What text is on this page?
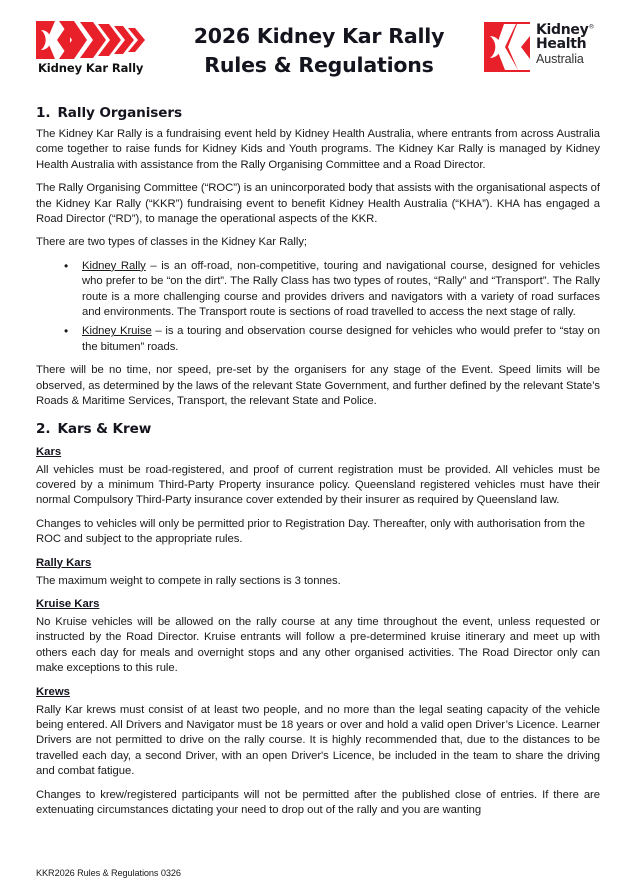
Kidney Kar Rally
2026 Kidney Kar Rally
Rules & Regulations
Kidney®
Health
Australia
1. Rally Organisers

The Kidney Kar Rally is a fundraising event held by Kidney Health Australia, where entrants from across Australia come together to raise funds for Kidney Kids and Youth programs. The Kidney Kar Rally is managed by Kidney Health Australia with assistance from the Rally Organising Committee and a Road Director.

The Rally Organising Committee (“ROC”) is an unincorporated body that assists with the organisational aspects of the Kidney Kar Rally (“KKR”) fundraising event to benefit Kidney Health Australia (“KHA”). KHA has engaged a Road Director (“RD”), to manage the operational aspects of the KKR.

There are two types of classes in the Kidney Kar Rally;

• Kidney Rally – is an off-road, non-competitive, touring and navigational course, designed for vehicles who prefer to be “on the dirt”. The Rally Class has two types of routes, “Rally” and “Transport”. The Rally route is a more challenging course and provides drivers and navigators with a variety of road surfaces and environments. The Transport route is sections of road travelled to access the next stage of rally.
• Kidney Kruise – is a touring and observation course designed for vehicles who would prefer to “stay on the bitumen” roads.

There will be no time, nor speed, pre-set by the organisers for any stage of the Event. Speed limits will be observed, as determined by the laws of the relevant State Government, and further defined by the relevant State’s Roads & Maritime Services, Transport, the relevant State and Police.

2. Kars & Krew
Kars

All vehicles must be road-registered, and proof of current registration must be provided. All vehicles must be covered by a minimum Third-Party Property insurance policy. Queensland registered vehicles must have their normal Compulsory Third-Party insurance cover extended by their insurer as required by Queensland law.

Changes to vehicles will only be permitted prior to Registration Day. Thereafter, only with authorisation from the ROC and subject to the appropriate rules.

Rally Kars

The maximum weight to compete in rally sections is 3 tonnes.

Kruise Kars

No Kruise vehicles will be allowed on the rally course at any time throughout the event, unless requested or instructed by the Road Director. Kruise entrants will follow a pre-determined kruise itinerary and meet up with others each day for meals and overnight stops and any other organised activities. The Road Director only can make exceptions to this rule.

Krews

Rally Kar krews must consist of at least two people, and no more than the legal seating capacity of the vehicle being entered. All Drivers and Navigator must be 18 years or over and hold a valid open Driver’s Licence. Learner Drivers are not permitted to drive on the rally course. It is highly recommended that, due to the distances to be travelled each day, a second Driver, with an open Driver's Licence, be included in the team to share the driving and combat fatigue.

Changes to krew/registered participants will not be permitted after the published close of entries. If there are extenuating circumstances dictating your need to drop out of the rally and you are wanting

KKR2026 Rules & Regulations 0326
